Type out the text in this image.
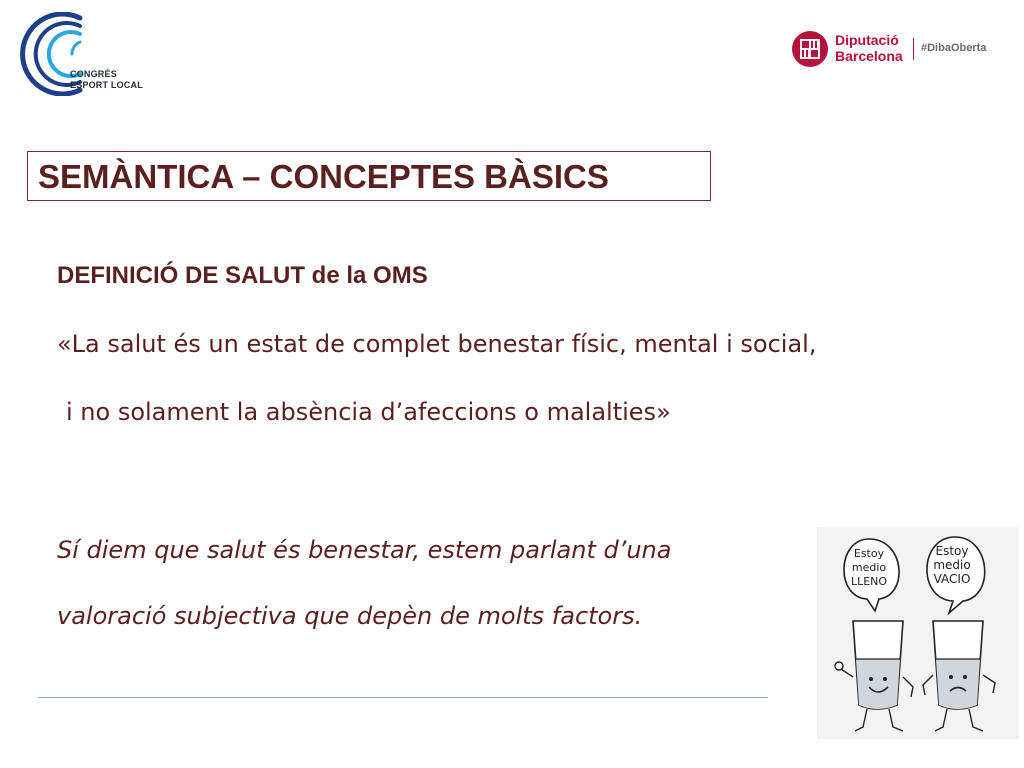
CONGRÉS
ESPORT LOCAL
Diputació
Barcelona #DibaOberta
SEMÀNTICA – CONCEPTES BÀSICS
DEFINICIÓ DE SALUT de la OMS
«La salut és un estat de complet benestar físic, mental i social,
i no solament la absència d’afeccions o malalties»
Sí diem que salut és benestar, estem parlant d’una
valoració subjectiva que depèn de molts factors.
Estoy
medio
LLENO
Estoy
medio
VACIO
